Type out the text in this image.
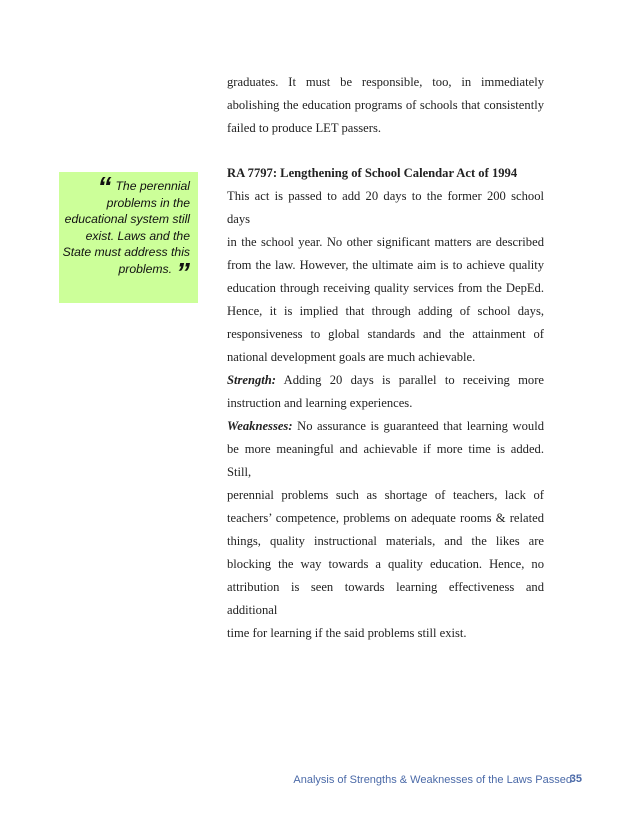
“ The perennial problems in the educational system still exist. Laws and the State must address this problems. ”

graduates. It must be responsible, too, in immediately

abolishing the education programs of schools that consistently

failed to produce LET passers.

RA 7797: Lengthening of School Calendar Act of 1994

This act is passed to add 20 days to the former 200 school days

in the school year. No other significant matters are described

from the law. However, the ultimate aim is to achieve quality

education through receiving quality services from the DepEd.

Hence, it is implied that through adding of school days,

responsiveness to global standards and the attainment of

national development goals are much achievable.

Strength: Adding 20 days is parallel to receiving more

instruction and learning experiences.

Weaknesses: No assurance is guaranteed that learning would

be more meaningful and achievable if more time is added. Still,

perennial problems such as shortage of teachers, lack of

teachers’ competence, problems on adequate rooms & related

things, quality instructional materials, and the likes are

blocking the way towards a quality education. Hence, no

attribution is seen towards learning effectiveness and additional

time for learning if the said problems still exist.

Analysis of Strengths & Weaknesses of the Laws Passed
35
